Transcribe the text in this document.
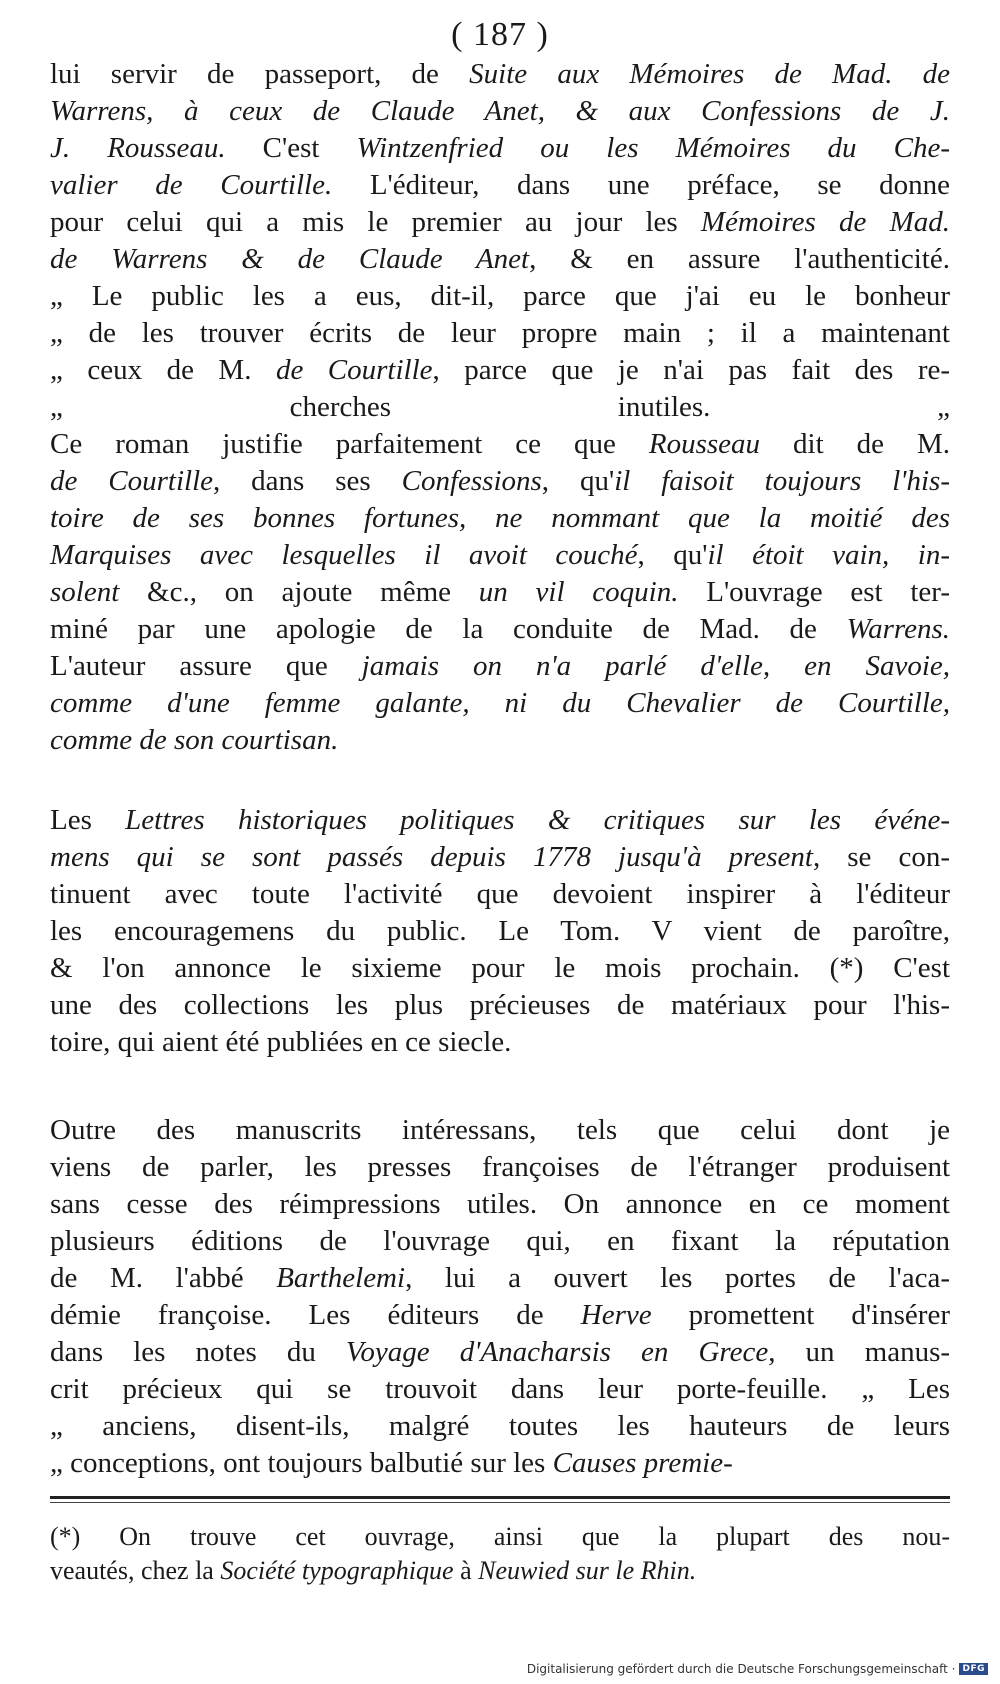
( 187 )
lui servir de passeport, de Suite aux Mémoires de Mad. de
Warrens, à ceux de Claude Anet, & aux Confessions de J.
J. Rousseau. C'est Wintzenfried ou les Mémoires du Che-
valier de Courtille. L'éditeur, dans une préface, se donne
pour celui qui a mis le premier au jour les Mémoires de Mad.
de Warrens & de Claude Anet, & en assure l'authenticité.
„ Le public les a eus, dit-il, parce que j'ai eu le bonheur
„ de les trouver écrits de leur propre main ; il a maintenant
„ ceux de M. de Courtille, parce que je n'ai pas fait des re-
„ cherches inutiles. „
Ce roman justifie parfaitement ce que Rousseau dit de M.
de Courtille, dans ses Confessions, qu'il faisoit toujours l'his-
toire de ses bonnes fortunes, ne nommant que la moitié des
Marquises avec lesquelles il avoit couché, qu'il étoit vain, in-
solent &c., on ajoute même un vil coquin. L'ouvrage est ter-
miné par une apologie de la conduite de Mad. de Warrens.
L'auteur assure que jamais on n'a parlé d'elle, en Savoie,
comme d'une femme galante, ni du Chevalier de Courtille,
comme de son courtisan.
Les Lettres historiques politiques & critiques sur les événe-
mens qui se sont passés depuis 1778 jusqu'à present, se con-
tinuent avec toute l'activité que devoient inspirer à l'éditeur
les encouragemens du public. Le Tom. V vient de paroître,
& l'on annonce le sixieme pour le mois prochain. (*) C'est
une des collections les plus précieuses de matériaux pour l'his-
toire, qui aient été publiées en ce siecle.
Outre des manuscrits intéressans, tels que celui dont je
viens de parler, les presses françoises de l'étranger produisent
sans cesse des réimpressions utiles. On annonce en ce moment
plusieurs éditions de l'ouvrage qui, en fixant la réputation
de M. l'abbé Barthelemi, lui a ouvert les portes de l'aca-
démie françoise. Les éditeurs de Herve promettent d'insérer
dans les notes du Voyage d'Anacharsis en Grece, un manus-
crit précieux qui se trouvoit dans leur porte-feuille. „ Les
„ anciens, disent-ils, malgré toutes les hauteurs de leurs
„ conceptions, ont toujours balbutié sur les Causes premie-
(*) On trouve cet ouvrage, ainsi que la plupart des nou-
veautés, chez la Société typographique à Neuwied sur le Rhin.
Digitalisierung gefördert durch die Deutsche Forschungsgemeinschaft · DFG
